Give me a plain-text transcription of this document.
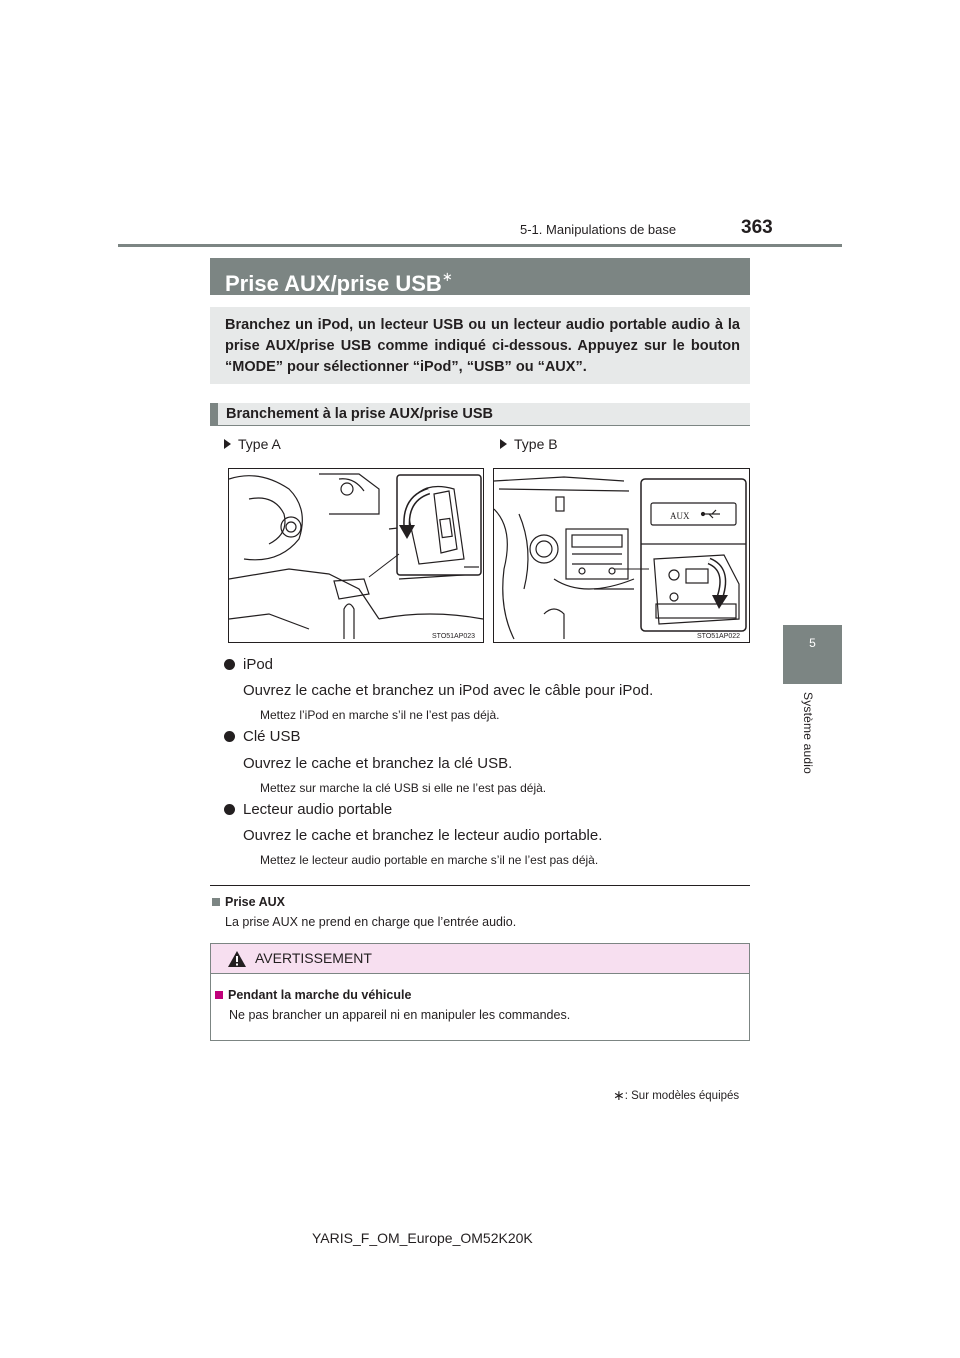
363
5-1. Manipulations de base
5
Système audio
Prise AUX/prise USB∗
Branchez un iPod, un lecteur USB ou un lecteur audio portable audio à la prise AUX/prise USB comme indiqué ci-dessous. Appuyez sur le bouton “MODE” pour sélectionner “iPod”, “USB” ou “AUX”.
Branchement à la prise AUX/prise USB
Type A	Type B
STO51AP023
AUX
STO51AP022
iPod
Ouvrez le cache et branchez un iPod avec le câble pour iPod.
Mettez l’iPod en marche s’il ne l’est pas déjà.
Clé USB
Ouvrez le cache et branchez la clé USB.
Mettez sur marche la clé USB si elle ne l’est pas déjà.
Lecteur audio portable
Ouvrez le cache et branchez le lecteur audio portable.
Mettez le lecteur audio portable en marche s’il ne l’est pas déjà.
Prise AUX
La prise AUX ne prend en charge que l’entrée audio.
AVERTISSEMENT
Pendant la marche du véhicule
Ne pas brancher un appareil ni en manipuler les commandes.
∗: Sur modèles équipés
YARIS_F_OM_Europe_OM52K20K
